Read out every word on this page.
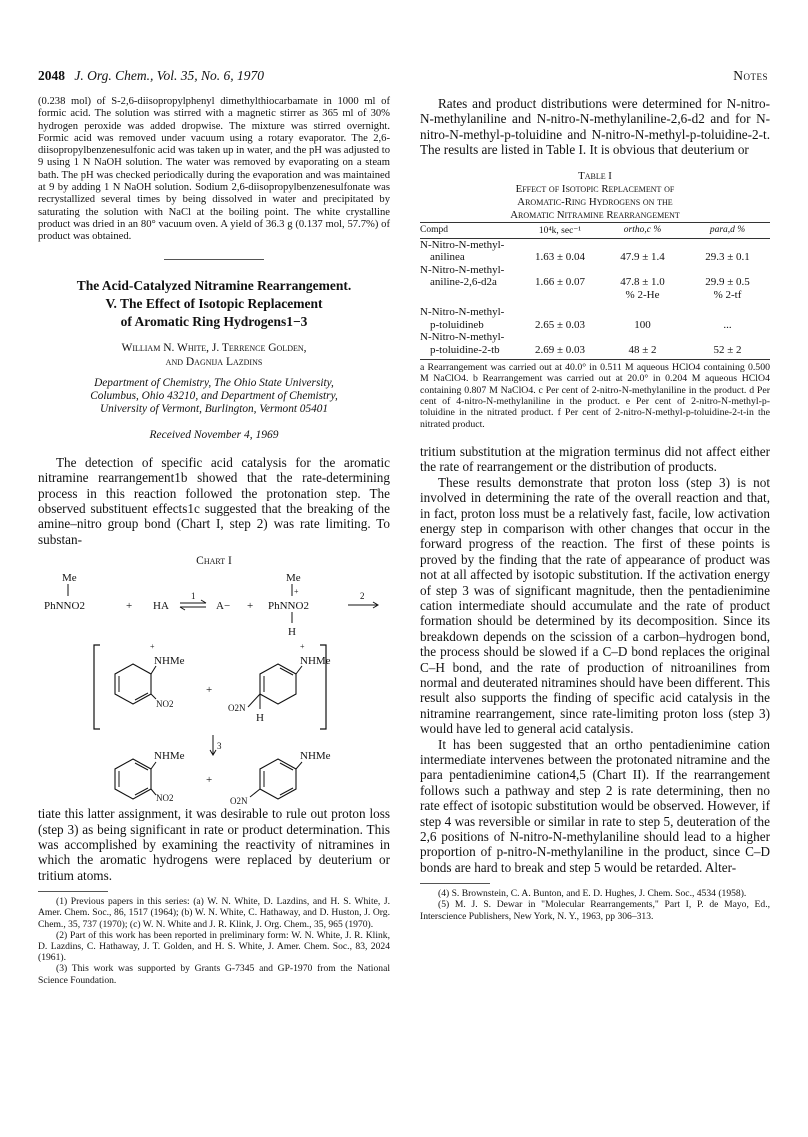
2048 J. Org. Chem., Vol. 35, No. 6, 1970	Notes

(0.238 mol) of S-2,6-diisopropylphenyl dimethylthiocarbamate in 1000 ml of formic acid. The solution was stirred with a magnetic stirrer as 365 ml of 30% hydrogen peroxide was added dropwise. The mixture was stirred overnight. Formic acid was removed under vacuum using a rotary evaporator. The 2,6-diisopropylbenzenesulfonic acid was taken up in water, and the pH was adjusted to 9 using 1 N NaOH solution. The water was removed by evaporating on a steam bath. The pH was checked periodically during the evaporation and was maintained at 9 by adding 1 N NaOH solution. Sodium 2,6-diisopropylbenzenesulfonate was recrystallized several times by being dissolved in water and precipitated by saturating the solution with NaCl at the boiling point. The white crystalline product was dried in an 80° vacuum oven. A yield of 36.3 g (0.137 mol, 57.7%) of product was obtained.

The Acid-Catalyzed Nitramine Rearrangement.
V. The Effect of Isotopic Replacement
of Aromatic Ring Hydrogens1−3
William N. White, J. Terrence Golden,
and Dagnija Lazdins
Department of Chemistry, The Ohio State University,
Columbus, Ohio 43210, and Department of Chemistry,
University of Vermont, Burlington, Vermont 05401
Received November 4, 1969

The detection of specific acid catalysis for the aromatic nitramine rearrangement1b showed that the rate-determining process in this reaction followed the protonation step. The observed substituent effects1c suggested that the breaking of the amine–nitro group bond (Chart I, step 2) was rate limiting. To substan-

Chart I
Me
PhNNO2	+ HA
1
A− +
Me
+
PhNNO2
H
2
+
NHMe
NO2
+
+
NHMe
O2N
H
3
NHMe
NO2
+
NHMe
O2N

tiate this latter assignment, it was desirable to rule out proton loss (step 3) as being significant in rate or product determination. This was accomplished by examining the reactivity of nitramines in which the aromatic hydrogens were replaced by deuterium or tritium atoms.

(1) Previous papers in this series: (a) W. N. White, D. Lazdins, and H. S. White, J. Amer. Chem. Soc., 86, 1517 (1964); (b) W. N. White, C. Hathaway, and D. Huston, J. Org. Chem., 35, 737 (1970); (c) W. N. White and J. R. Klink, J. Org. Chem., 35, 965 (1970).

(2) Part of this work has been reported in preliminary form: W. N. White, J. R. Klink, D. Lazdins, C. Hathaway, J. T. Golden, and H. S. White, J. Amer. Chem. Soc., 83, 2024 (1961).

(3) This work was supported by Grants G-7345 and GP-1970 from the National Science Foundation.

Rates and product distributions were determined for N-nitro-N-methylaniline and N-nitro-N-methylaniline-2,6-d2 and for N-nitro-N-methyl-p-toluidine and N-nitro-N-methyl-p-toluidine-2-t. The results are listed in Table I. It is obvious that deuterium or

Table I
Effect of Isotopic Replacement of
Aromatic-Ring Hydrogens on the
Aromatic Nitramine Rearrangement
Compd	10⁴k, sec⁻¹	ortho,c %	para,d %
N-Nitro-N-methyl-			
anilinea	1.63 ± 0.04	47.9 ± 1.4	29.3 ± 0.1
N-Nitro-N-methyl-			
aniline-2,6-d2a	1.66 ± 0.07	47.8 ± 1.0	29.9 ± 0.5
		% 2-He	% 2-tf
N-Nitro-N-methyl-			
p-toluidineb	2.65 ± 0.03	100	...
N-Nitro-N-methyl-			
p-toluidine-2-tb	2.69 ± 0.03	48 ± 2	52 ± 2

a Rearrangement was carried out at 40.0° in 0.511 M aqueous HClO4 containing 0.500 M NaClO4. b Rearrangement was carried out at 20.0° in 0.204 M aqueous HClO4 containing 0.807 M NaClO4. c Per cent of 2-nitro-N-methylaniline in the product. d Per cent of 4-nitro-N-methylaniline in the product. e Per cent of 2-nitro-N-methyl-p-toluidine in the nitrated product. f Per cent of 2-nitro-N-methyl-p-toluidine-2-t-in the nitrated product.

tritium substitution at the migration terminus did not affect either the rate of rearrangement or the distribution of products.

These results demonstrate that proton loss (step 3) is not involved in determining the rate of the overall reaction and that, in fact, proton loss must be a relatively fast, facile, low activation energy step in comparison with other changes that occur in the forward progress of the reaction. The first of these points is proved by the finding that the rate of appearance of product was not at all affected by isotopic substitution. If the activation energy of step 3 was of significant magnitude, then the pentadienimine cation intermediate should accumulate and the rate of product formation should be determined by its decomposition. Since its breakdown depends on the scission of a carbon–hydrogen bond, the process should be slowed if a C–D bond replaces the original C–H bond, and the rate of production of nitroanilines from normal and deuterated nitramines should have been different. This result also supports the finding of specific acid catalysis in the nitramine rearrangement, since rate-limiting proton loss (step 3) would have led to general acid catalysis.

It has been suggested that an ortho pentadienimine cation intermediate intervenes between the protonated nitramine and the para pentadienimine cation4,5 (Chart II). If the rearrangement follows such a pathway and step 2 is rate determining, then no rate effect of isotopic substitution would be observed. However, if step 4 was reversible or similar in rate to step 5, deuteration of the 2,6 positions of N-nitro-N-methylaniline should lead to a higher proportion of p-nitro-N-methylaniline in the product, since C–D bonds are hard to break and step 5 would be retarded. Alter-

(4) S. Brownstein, C. A. Bunton, and E. D. Hughes, J. Chem. Soc., 4534 (1958).

(5) M. J. S. Dewar in "Molecular Rearrangements," Part I, P. de Mayo, Ed., Interscience Publishers, New York, N. Y., 1963, pp 306–313.
